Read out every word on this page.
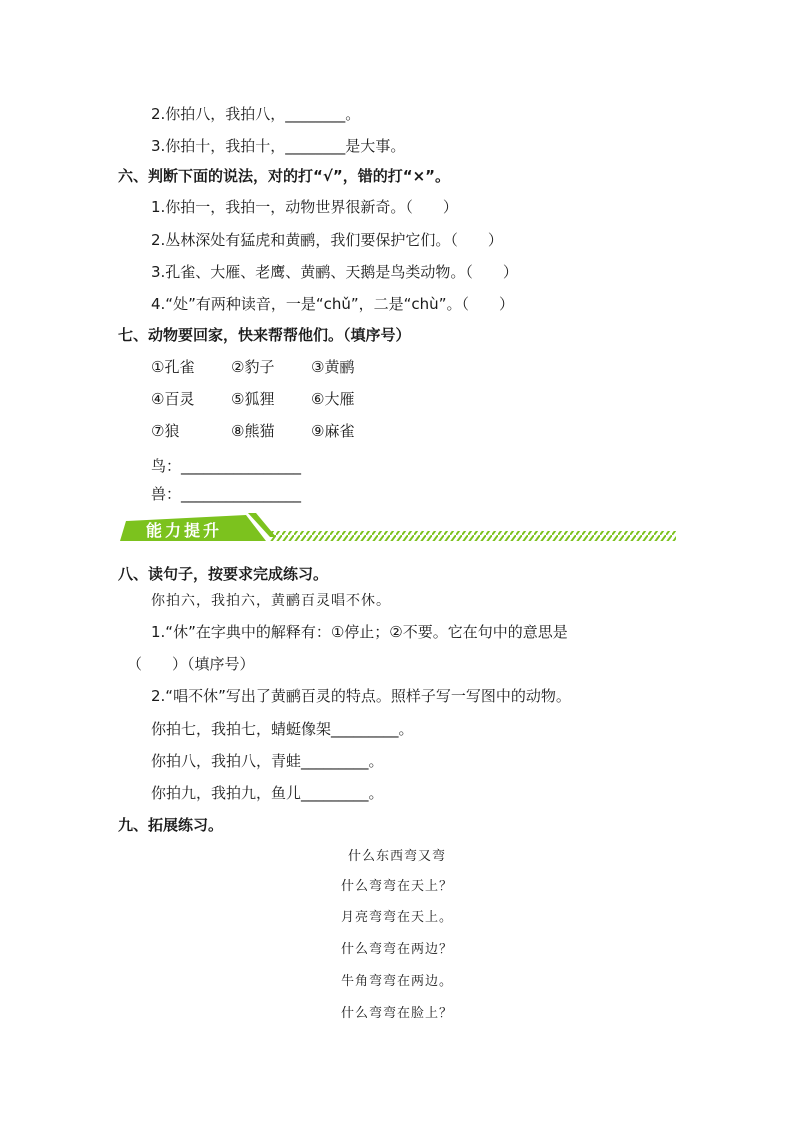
2.你拍八，我拍八，________。
3.你拍十，我拍十，________是大事。
六、判断下面的说法，对的打“√”，错的打“×”。
1.你拍一，我拍一，动物世界很新奇。（　　）
2.丛林深处有猛虎和黄鹂，我们要保护它们。（　　）
3.孔雀、大雁、老鹰、黄鹂、天鹅是鸟类动物。（　　）
4.“处”有两种读音，一是“chǔ”，二是“chù”。（　　）
七、动物要回家，快来帮帮他们。（填序号）
①孔雀 ②豹子 ③黄鹂
④百灵 ⑤狐狸 ⑥大雁
⑦狼	⑧熊猫 ⑨麻雀
鸟：________________
兽：________________
能力提升
八、读句子，按要求完成练习。
你拍六，我拍六，黄鹂百灵唱不休。
1.“休”在字典中的解释有：①停止；②不要。它在句中的意思是
（　　）（填序号）
2.“唱不休”写出了黄鹂百灵的特点。照样子写一写图中的动物。
你拍七，我拍七，蜻蜓像架_________。
你拍八，我拍八，青蛙_________。
你拍九，我拍九，鱼儿_________。
九、拓展练习。
什么东西弯又弯
什么弯弯在天上？
月亮弯弯在天上。
什么弯弯在两边？
牛角弯弯在两边。
什么弯弯在脸上？
